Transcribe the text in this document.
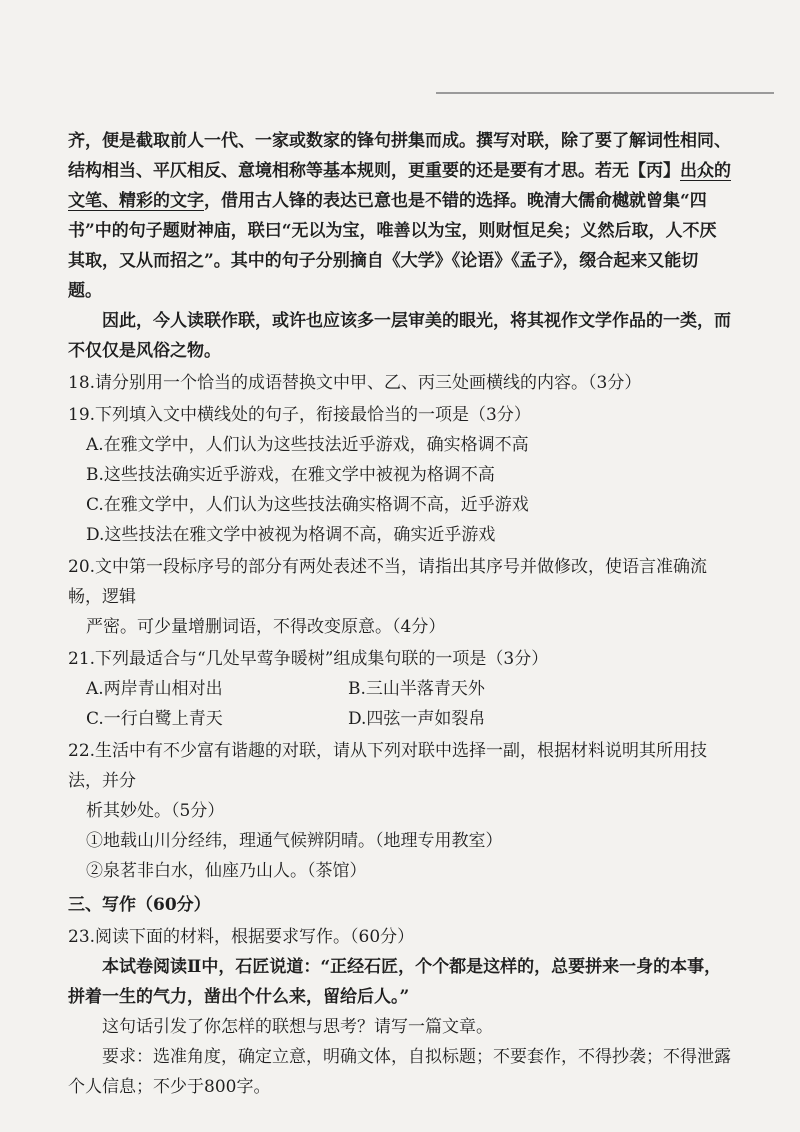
齐，便是截取前人一代、一家或数家的锋句拼集而成。撰写对联，除了要了解词性相同、结构相当、平仄相反、意境相称等基本规则，更重要的还是要有才思。若无【丙】出众的文笔、精彩的文字，借用古人锋的表达已意也是不错的选择。晚清大儒俞樾就曾集“四书”中的句子题财神庙，联曰“无以为宝，唯善以为宝，则财恒足矣；义然后取，人不厌其取，又从而招之”。其中的句子分别摘自《大学》《论语》《孟子》，缀合起来又能切题。

因此，今人读联作联，或许也应该多一层审美的眼光，将其视作文学作品的一类，而不仅仅是风俗之物。

18.请分别用一个恰当的成语替换文中甲、乙、丙三处画横线的内容。（3分）

19.下列填入文中横线处的句子，衔接最恰当的一项是（3分）

A.在雅文学中，人们认为这些技法近乎游戏，确实格调不高

B.这些技法确实近乎游戏，在雅文学中被视为格调不高

C.在雅文学中，人们认为这些技法确实格调不高，近乎游戏

D.这些技法在雅文学中被视为格调不高，确实近乎游戏

20.文中第一段标序号的部分有两处表述不当，请指出其序号并做修改，使语言准确流畅，逻辑

严密。可少量增删词语，不得改变原意。（4分）

21.下列最适合与“几处早莺争暖树”组成集句联的一项是（3分）

A.两岸青山相对出	B.三山半落青天外
C.一行白鹭上青天	D.四弦一声如裂帛

22.生活中有不少富有谐趣的对联，请从下列对联中选择一副，根据材料说明其所用技法，并分

析其妙处。（5分）

①地载山川分经纬，理通气候辨阴晴。（地理专用教室）

②泉茗非白水，仙座乃山人。（茶馆）

三、写作（60分）

23.阅读下面的材料，根据要求写作。（60分）

本试卷阅读Ⅱ中，石匠说道：“正经石匠，个个都是这样的，总要拼来一身的本事，拼着一生的气力，凿出个什么来，留给后人。”

这句话引发了你怎样的联想与思考？请写一篇文章。

要求：选准角度，确定立意，明确文体，自拟标题；不要套作，不得抄袭；不得泄露个人信息；不少于800字。
